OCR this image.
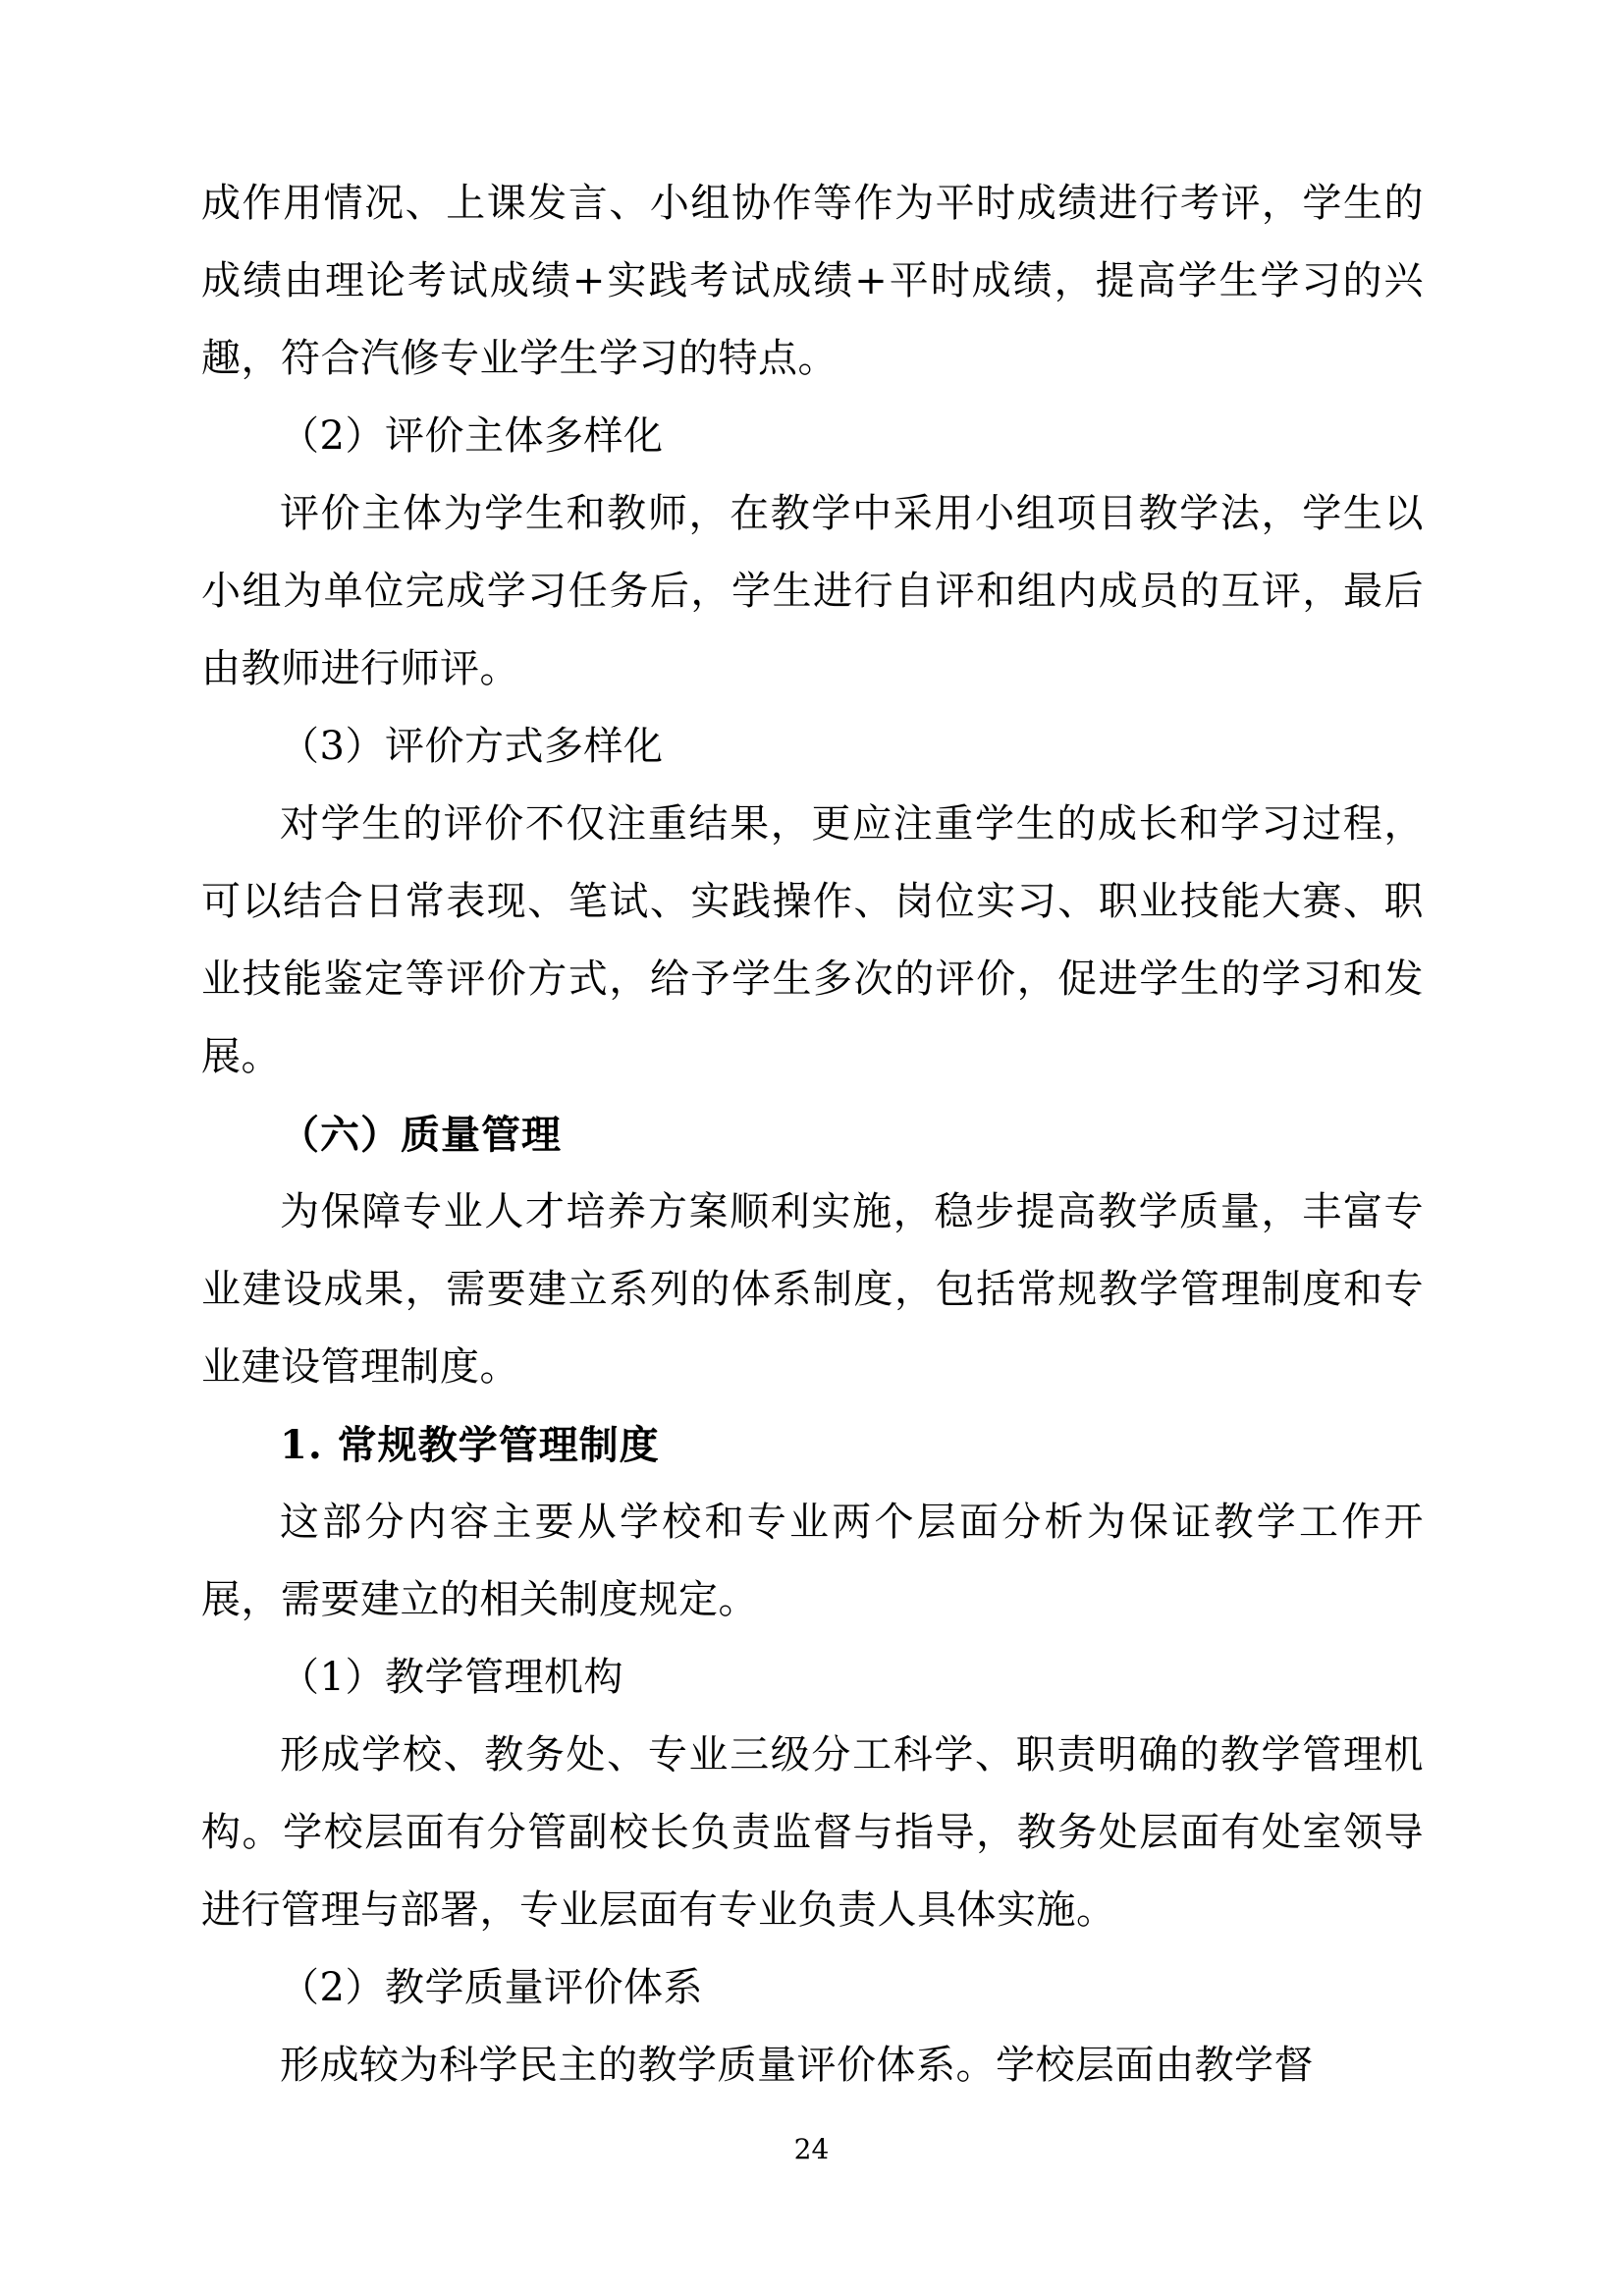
成作用情况、上课发言、小组协作等作为平时成绩进行考评，学生的成绩由理论考试成绩+实践考试成绩+平时成绩，提高学生学习的兴趣，符合汽修专业学生学习的特点。

（2）评价主体多样化

评价主体为学生和教师，在教学中采用小组项目教学法，学生以小组为单位完成学习任务后，学生进行自评和组内成员的互评，最后由教师进行师评。

（3）评价方式多样化

对学生的评价不仅注重结果，更应注重学生的成长和学习过程，可以结合日常表现、笔试、实践操作、岗位实习、职业技能大赛、职业技能鉴定等评价方式，给予学生多次的评价，促进学生的学习和发展。

（六）质量管理

为保障专业人才培养方案顺利实施，稳步提高教学质量，丰富专业建设成果，需要建立系列的体系制度，包括常规教学管理制度和专业建设管理制度。

1. 常规教学管理制度

这部分内容主要从学校和专业两个层面分析为保证教学工作开展，需要建立的相关制度规定。

（1）教学管理机构

形成学校、教务处、专业三级分工科学、职责明确的教学管理机构。学校层面有分管副校长负责监督与指导，教务处层面有处室领导进行管理与部署，专业层面有专业负责人具体实施。

（2）教学质量评价体系

形成较为科学民主的教学质量评价体系。学校层面由教学督

24
